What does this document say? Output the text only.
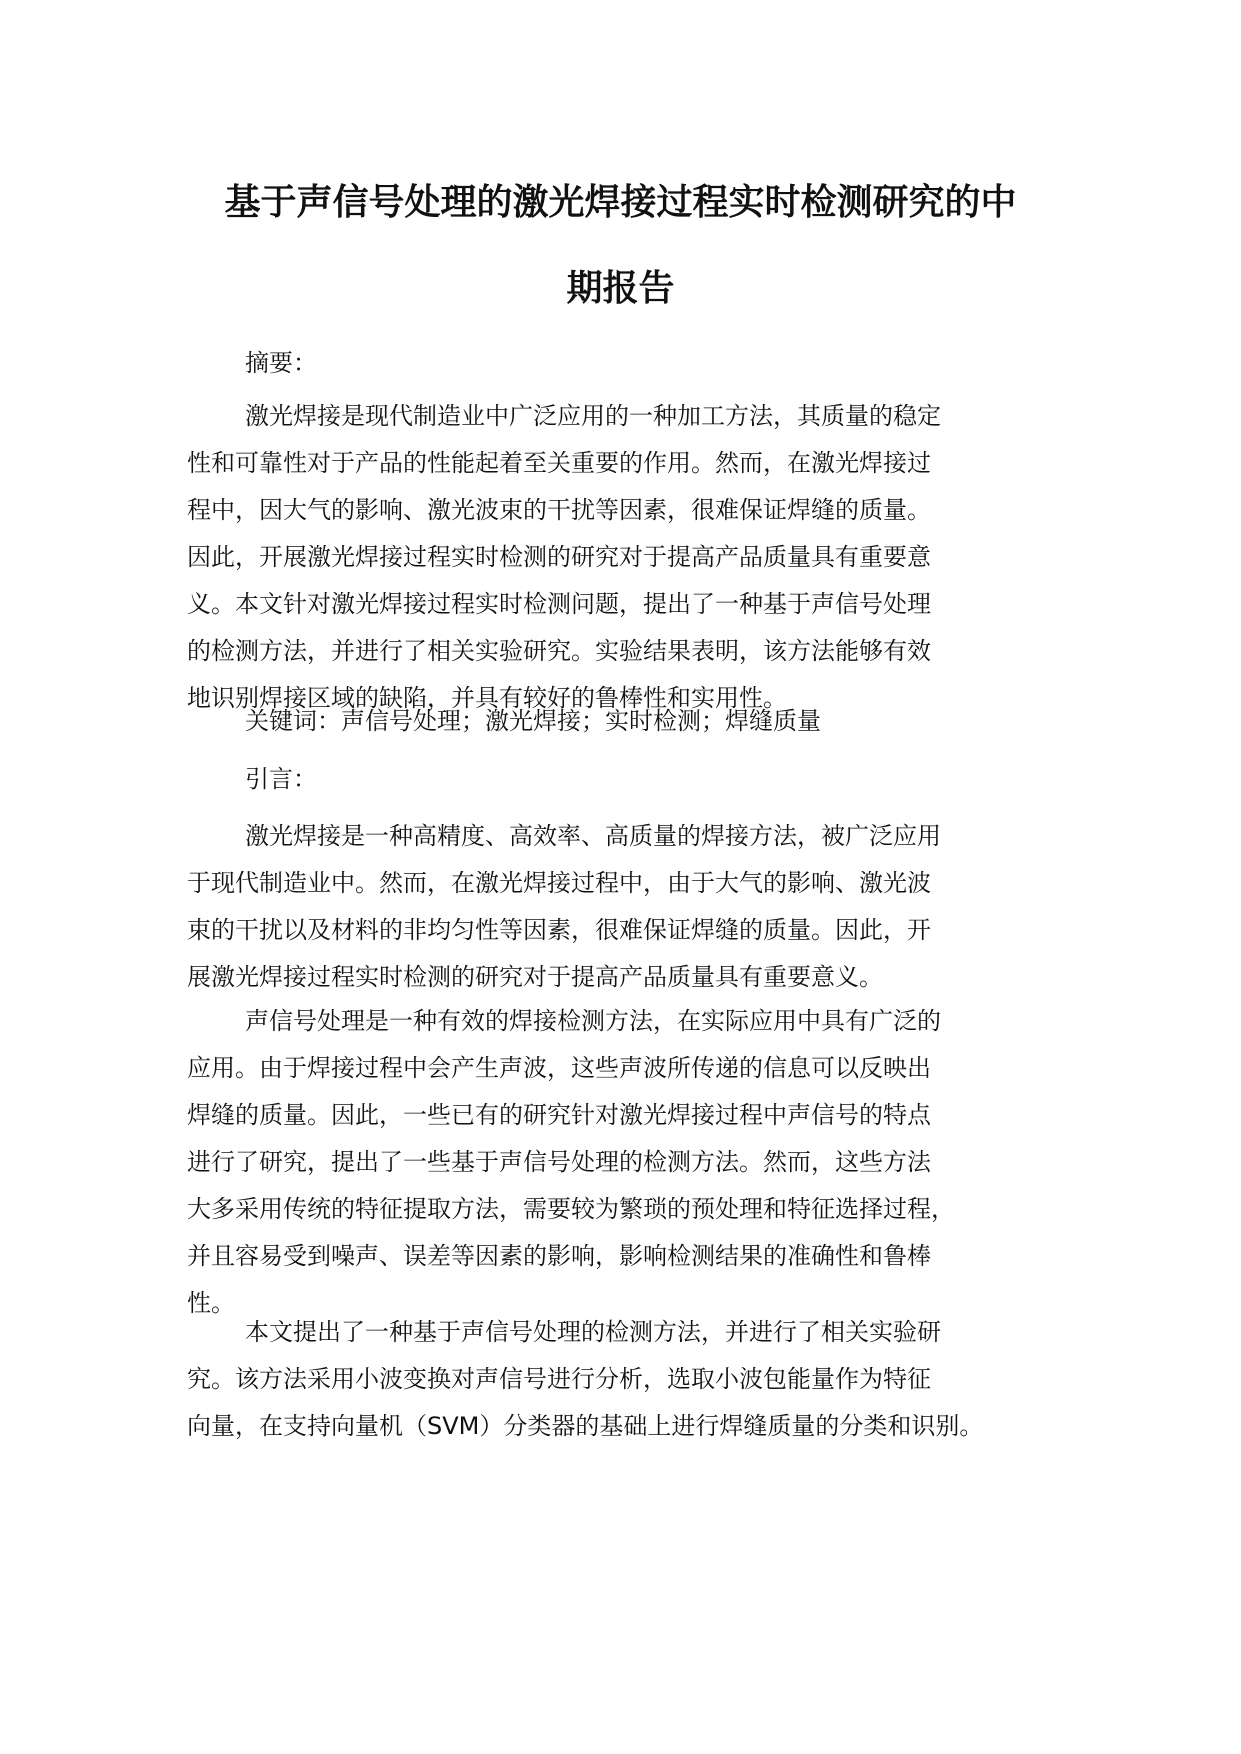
基于声信号处理的激光焊接过程实时检测研究的中
期报告
摘要：
激光焊接是现代制造业中广泛应用的一种加工方法，其质量的稳定
性和可靠性对于产品的性能起着至关重要的作用。然而，在激光焊接过
程中，因大气的影响、激光波束的干扰等因素，很难保证焊缝的质量。
因此，开展激光焊接过程实时检测的研究对于提高产品质量具有重要意
义。本文针对激光焊接过程实时检测问题，提出了一种基于声信号处理
的检测方法，并进行了相关实验研究。实验结果表明，该方法能够有效
地识别焊接区域的缺陷，并具有较好的鲁棒性和实用性。
关键词：声信号处理；激光焊接；实时检测；焊缝质量
引言：
激光焊接是一种高精度、高效率、高质量的焊接方法，被广泛应用
于现代制造业中。然而，在激光焊接过程中，由于大气的影响、激光波
束的干扰以及材料的非均匀性等因素，很难保证焊缝的质量。因此，开
展激光焊接过程实时检测的研究对于提高产品质量具有重要意义。
声信号处理是一种有效的焊接检测方法，在实际应用中具有广泛的
应用。由于焊接过程中会产生声波，这些声波所传递的信息可以反映出
焊缝的质量。因此，一些已有的研究针对激光焊接过程中声信号的特点
进行了研究，提出了一些基于声信号处理的检测方法。然而，这些方法
大多采用传统的特征提取方法，需要较为繁琐的预处理和特征选择过程，
并且容易受到噪声、误差等因素的影响，影响检测结果的准确性和鲁棒
性。
本文提出了一种基于声信号处理的检测方法，并进行了相关实验研
究。该方法采用小波变换对声信号进行分析，选取小波包能量作为特征
向量，在支持向量机（SVM）分类器的基础上进行焊缝质量的分类和识别。
